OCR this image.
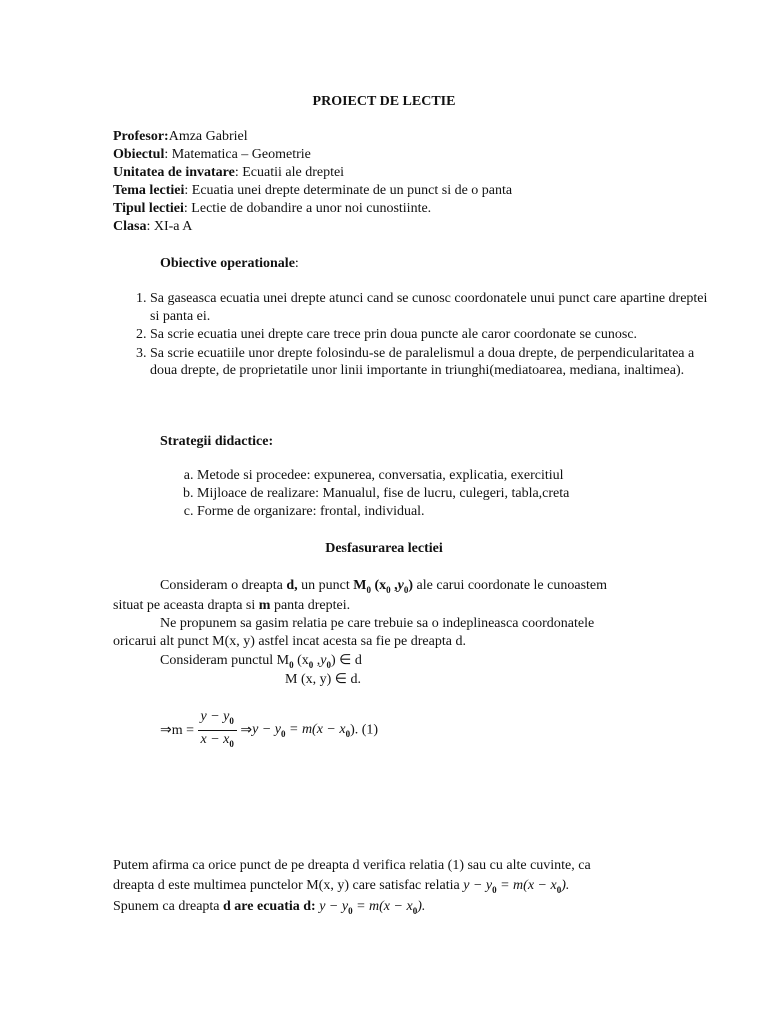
PROIECT DE LECTIE
Profesor:Amza Gabriel
Obiectul: Matematica – Geometrie
Unitatea de invatare: Ecuatii ale dreptei
Tema lectiei: Ecuatia unei drepte determinate de un punct si de o panta
Tipul lectiei: Lectie de dobandire a unor noi cunostiinte.
Clasa: XI-a A
Obiective operationale:
1. Sa gaseasca ecuatia unei drepte atunci cand se cunosc coordonatele unui punct care apartine dreptei si panta ei.
2. Sa scrie ecuatia unei drepte care trece prin doua puncte ale caror coordonate se cunosc.
3. Sa scrie ecuatiile unor drepte folosindu-se de paralelismul a doua drepte, de perpendicularitatea a doua drepte, de proprietatile unor linii importante in triunghi(mediatoarea, mediana, inaltimea).
Strategii didactice:
a. Metode si procedee: expunerea, conversatia, explicatia, exercitiul
b. Mijloace de realizare: Manualul, fise de lucru, culegeri, tabla,creta
c. Forme de organizare: frontal, individual.
Desfasurarea lectiei
Consideram o dreapta d, un punct $M_0$ ($x_0$ $,y_0$) ale carui coordonate le cunoastem
situat pe aceasta drapta si m panta dreptei.
Ne propunem sa gasim relatia pe care trebuie sa o indeplineasca coordonatele
oricarui alt punct M(x, y) astfel incat acesta sa fie pe dreapta d.
Consideram punctul $M_0$ ($x_0$ $,y_0$) ∈ d
M (x, y) ∈ d.
⇒m = $\frac{y - y_0}{x - x_0}$ ⇒y − $y_0 = m(x - x_0)$. (1)
Putem afirma ca orice punct de pe dreapta d verifica relatia (1) sau cu alte cuvinte, ca
dreapta d este multimea punctelor M(x, y) care satisfac relatia $y - y_0 = m(x - x_0)$.
Spunem ca dreapta d are ecuatia d: $y - y_0 = m(x - x_0)$.
